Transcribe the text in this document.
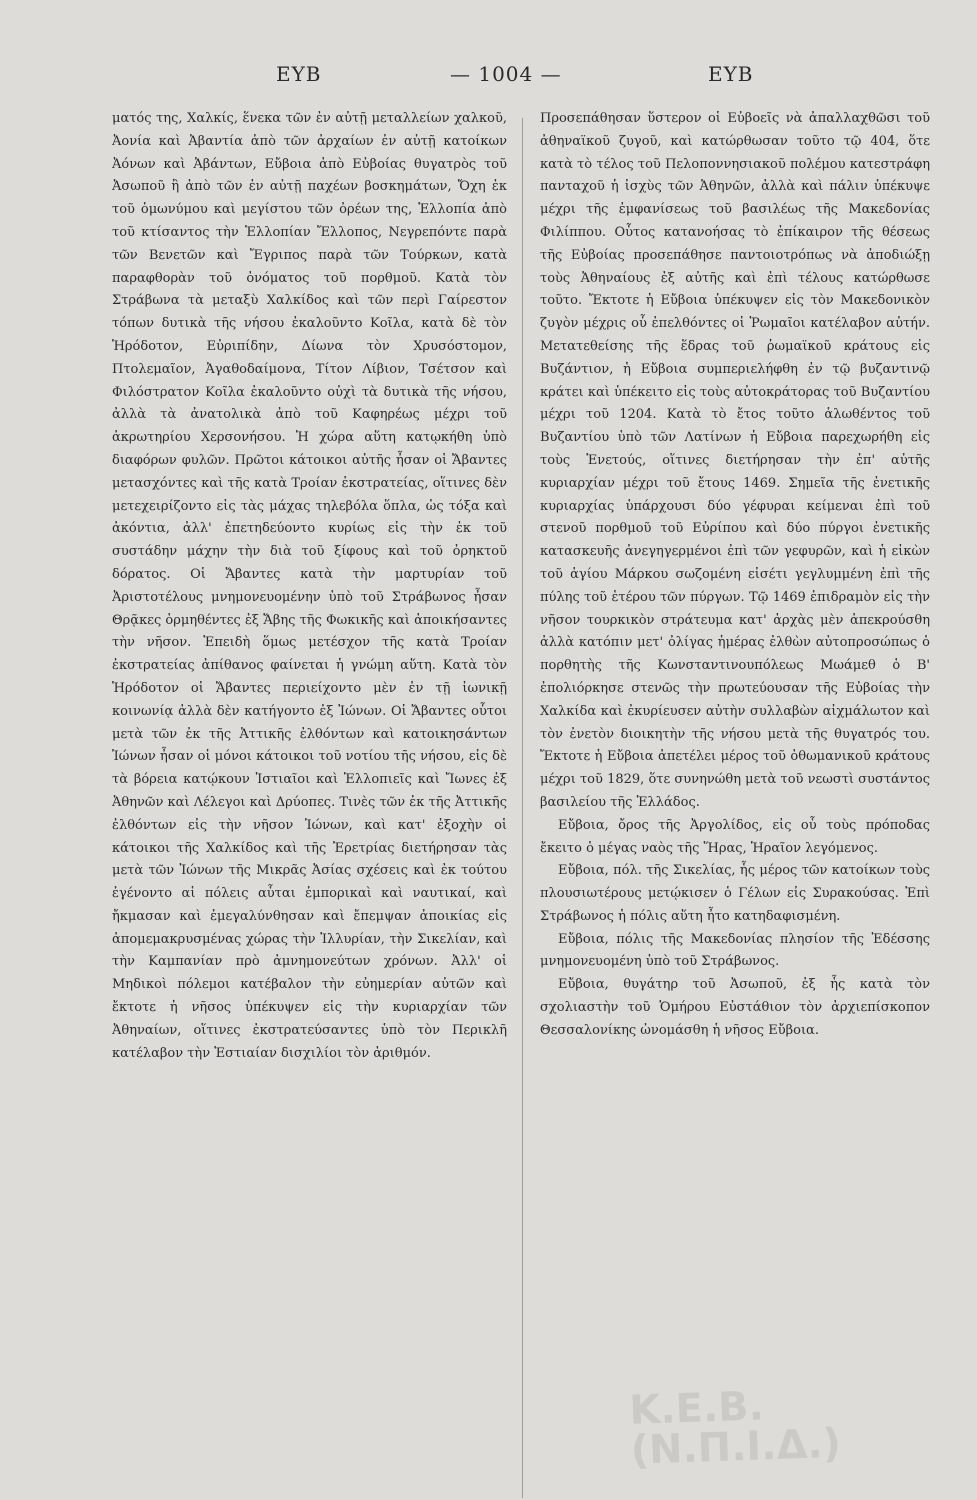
ΕΥΒ	— 1004 —	ΕΥΒ

ματός της, Χαλκίς, ἕνεκα τῶν ἐν αὐτῇ μεταλλείων χαλκοῦ, Ἀονία καὶ Ἀβαντία ἀπὸ τῶν ἀρχαίων ἐν αὐτῇ κατοίκων Ἀόνων καὶ Ἀβάντων, Εὔβοια ἀπὸ Εὐβοίας θυγατρὸς τοῦ Ἀσωποῦ ἢ ἀπὸ τῶν ἐν αὐτῇ παχέων βοσκημάτων, Ὄχη ἐκ τοῦ ὁμωνύμου καὶ μεγίστου τῶν ὀρέων της, Ἑλλοπία ἀπὸ τοῦ κτίσαντος τὴν Ἑλλοπίαν Ἔλλοπος, Νεγρεπόντε παρὰ τῶν Βενετῶν καὶ Ἔγριπος παρὰ τῶν Τούρκων, κατὰ παραφθορὰν τοῦ ὀνόματος τοῦ πορθμοῦ. Κατὰ τὸν Στράβωνα τὰ μεταξὺ Χαλκίδος καὶ τῶν περὶ Γαίρεστον τόπων δυτικὰ τῆς νήσου ἐκαλοῦντο Κοῖλα, κατὰ δὲ τὸν Ἡρόδοτον, Εὐριπίδην, Δίωνα τὸν Χρυσόστομον, Πτολεμαῖον, Ἀγαθοδαίμονα, Τίτον Λίβιον, Τσέτσον καὶ Φιλόστρατον Κοῖλα ἐκαλοῦντο οὐχὶ τὰ δυτικὰ τῆς νήσου, ἀλλὰ τὰ ἀνατολικὰ ἀπὸ τοῦ Καφηρέως μέχρι τοῦ ἀκρωτηρίου Χερσονήσου. Ἡ χώρα αὕτη κατῳκήθη ὑπὸ διαφόρων φυλῶν. Πρῶτοι κάτοικοι αὐτῆς ἦσαν οἱ Ἄβαντες μετασχόντες καὶ τῆς κατὰ Τροίαν ἐκστρατείας, οἵτινες δὲν μετεχειρίζοντο εἰς τὰς μάχας τηλεβόλα ὅπλα, ὡς τόξα καὶ ἀκόντια, ἀλλ' ἐπετηδεύοντο κυρίως εἰς τὴν ἐκ τοῦ συστάδην μάχην τὴν διὰ τοῦ ξίφους καὶ τοῦ ὀρηκτοῦ δόρατος. Οἱ Ἄβαντες κατὰ τὴν μαρτυρίαν τοῦ Ἀριστοτέλους μνημονευομένην ὑπὸ τοῦ Στράβωνος ἦσαν Θρᾷκες ὁρμηθέντες ἐξ Ἄβης τῆς Φωκικῆς καὶ ἀποικήσαντες τὴν νῆσον. Ἐπειδὴ ὅμως μετέσχον τῆς κατὰ Τροίαν ἐκστρατείας ἀπίθανος φαίνεται ἡ γνώμη αὕτη. Κατὰ τὸν Ἡρόδοτον οἱ Ἄβαντες περιείχοντο μὲν ἐν τῇ ἰωνικῇ κοινωνίᾳ ἀλλὰ δὲν κατήγοντο ἐξ Ἰώνων. Οἱ Ἄβαντες οὗτοι μετὰ τῶν ἐκ τῆς Ἀττικῆς ἐλθόντων καὶ κατοικησάντων Ἰώνων ἦσαν οἱ μόνοι κάτοικοι τοῦ νοτίου τῆς νήσου, εἰς δὲ τὰ βόρεια κατῴκουν Ἱστιαῖοι καὶ Ἑλλοπιεῖς καὶ Ἴωνες ἐξ Ἀθηνῶν καὶ Λέλεγοι καὶ Δρύοπες. Τινὲς τῶν ἐκ τῆς Ἀττικῆς ἐλθόντων εἰς τὴν νῆσον Ἰώνων, καὶ κατ' ἐξοχὴν οἱ κάτοικοι τῆς Χαλκίδος καὶ τῆς Ἐρετρίας διετήρησαν τὰς μετὰ τῶν Ἰώνων τῆς Μικρᾶς Ἀσίας σχέσεις καὶ ἐκ τούτου ἐγένοντο αἱ πόλεις αὗται ἐμπορικαὶ καὶ ναυτικαί, καὶ ἤκμασαν καὶ ἐμεγαλύνθησαν καὶ ἔπεμψαν ἀποικίας εἰς ἀπομεμακρυσμένας χώρας τὴν Ἰλλυρίαν, τὴν Σικελίαν, καὶ τὴν Καμπανίαν πρὸ ἀμνημονεύτων χρόνων. Ἀλλ' οἱ Μηδικοὶ πόλεμοι κατέβαλον τὴν εὐημερίαν αὐτῶν καὶ ἔκτοτε ἡ νῆσος ὑπέκυψεν εἰς τὴν κυριαρχίαν τῶν Ἀθηναίων, οἵτινες ἐκστρατεύσαντες ὑπὸ τὸν Περικλῆ κατέλαβον τὴν Ἑστιαίαν δισχιλίοι τὸν ἀριθμόν.

Προσεπάθησαν ὕστερον οἱ Εὐβοεῖς νὰ ἀπαλλαχθῶσι τοῦ ἀθηναϊκοῦ ζυγοῦ, καὶ κατώρθωσαν τοῦτο τῷ 404, ὅτε κατὰ τὸ τέλος τοῦ Πελοποννησιακοῦ πολέμου κατεστράφη πανταχοῦ ἡ ἰσχὺς τῶν Ἀθηνῶν, ἀλλὰ καὶ πάλιν ὑπέκυψε μέχρι τῆς ἐμφανίσεως τοῦ βασιλέως τῆς Μακεδονίας Φιλίππου. Οὗτος κατανοήσας τὸ ἐπίκαιρον τῆς θέσεως τῆς Εὐβοίας προσεπάθησε παντοιοτρόπως νὰ ἀποδιώξῃ τοὺς Ἀθηναίους ἐξ αὐτῆς καὶ ἐπὶ τέλους κατώρθωσε τοῦτο. Ἔκτοτε ἡ Εὔβοια ὑπέκυψεν εἰς τὸν Μακεδονικὸν ζυγὸν μέχρις οὗ ἐπελθόντες οἱ Ῥωμαῖοι κατέλαβον αὐτήν. Μετατεθείσης τῆς ἕδρας τοῦ ῥωμαϊκοῦ κράτους εἰς Βυζάντιον, ἡ Εὔβοια συμπεριελήφθη ἐν τῷ βυζαντινῷ κράτει καὶ ὑπέκειτο εἰς τοὺς αὐτοκράτορας τοῦ Βυζαντίου μέχρι τοῦ 1204. Κατὰ τὸ ἔτος τοῦτο ἁλωθέντος τοῦ Βυζαντίου ὑπὸ τῶν Λατίνων ἡ Εὔβοια παρεχωρήθη εἰς τοὺς Ἐνετούς, οἵτινες διετήρησαν τὴν ἐπ' αὐτῆς κυριαρχίαν μέχρι τοῦ ἔτους 1469. Σημεῖα τῆς ἐνετικῆς κυριαρχίας ὑπάρχουσι δύο γέφυραι κείμεναι ἐπὶ τοῦ στενοῦ πορθμοῦ τοῦ Εὐρίπου καὶ δύο πύργοι ἐνετικῆς κατασκευῆς ἀνεγηγερμένοι ἐπὶ τῶν γεφυρῶν, καὶ ἡ εἰκὼν τοῦ ἁγίου Μάρκου σωζομένη εἰσέτι γεγλυμμένη ἐπὶ τῆς πύλης τοῦ ἑτέρου τῶν πύργων. Τῷ 1469 ἐπιδραμὸν εἰς τὴν νῆσον τουρκικὸν στράτευμα κατ' ἀρχὰς μὲν ἀπεκρούσθη ἀλλὰ κατόπιν μετ' ὀλίγας ἡμέρας ἐλθὼν αὐτοπροσώπως ὁ πορθητὴς τῆς Κωνσταντινουπόλεως Μωάμεθ ὁ Β' ἐπολιόρκησε στενῶς τὴν πρωτεύουσαν τῆς Εὐβοίας τὴν Χαλκίδα καὶ ἐκυρίευσεν αὐτὴν συλλαβὼν αἰχμάλωτον καὶ τὸν ἐνετὸν διοικητὴν τῆς νήσου μετὰ τῆς θυγατρός του. Ἔκτοτε ἡ Εὔβοια ἀπετέλει μέρος τοῦ ὀθωμανικοῦ κράτους μέχρι τοῦ 1829, ὅτε συνηνώθη μετὰ τοῦ νεωστὶ συστάντος βασιλείου τῆς Ἑλλάδος.

Εὔβοια, ὄρος τῆς Ἀργολίδος, εἰς οὗ τοὺς πρόποδας ἔκειτο ὁ μέγας ναὸς τῆς Ἥρας, Ἡραῖον λεγόμενος.

Εὔβοια, πόλ. τῆς Σικελίας, ἧς μέρος τῶν κατοίκων τοὺς πλουσιωτέρους μετῴκισεν ὁ Γέλων εἰς Συρακούσας. Ἐπὶ Στράβωνος ἡ πόλις αὕτη ἦτο κατηδαφισμένη.

Εὔβοια, πόλις τῆς Μακεδονίας πλησίον τῆς Ἐδέσσης μνημονευομένη ὑπὸ τοῦ Στράβωνος.

Εὔβοια, θυγάτηρ τοῦ Ἀσωποῦ, ἐξ ἧς κατὰ τὸν σχολιαστὴν τοῦ Ὁμήρου Εὐστάθιον τὸν ἀρχιεπίσκοπον Θεσσαλονίκης ὠνομάσθη ἡ νῆσος Εὔβοια.

Κ.Ε.Β. (Ν.Π.Ι.Δ.)
